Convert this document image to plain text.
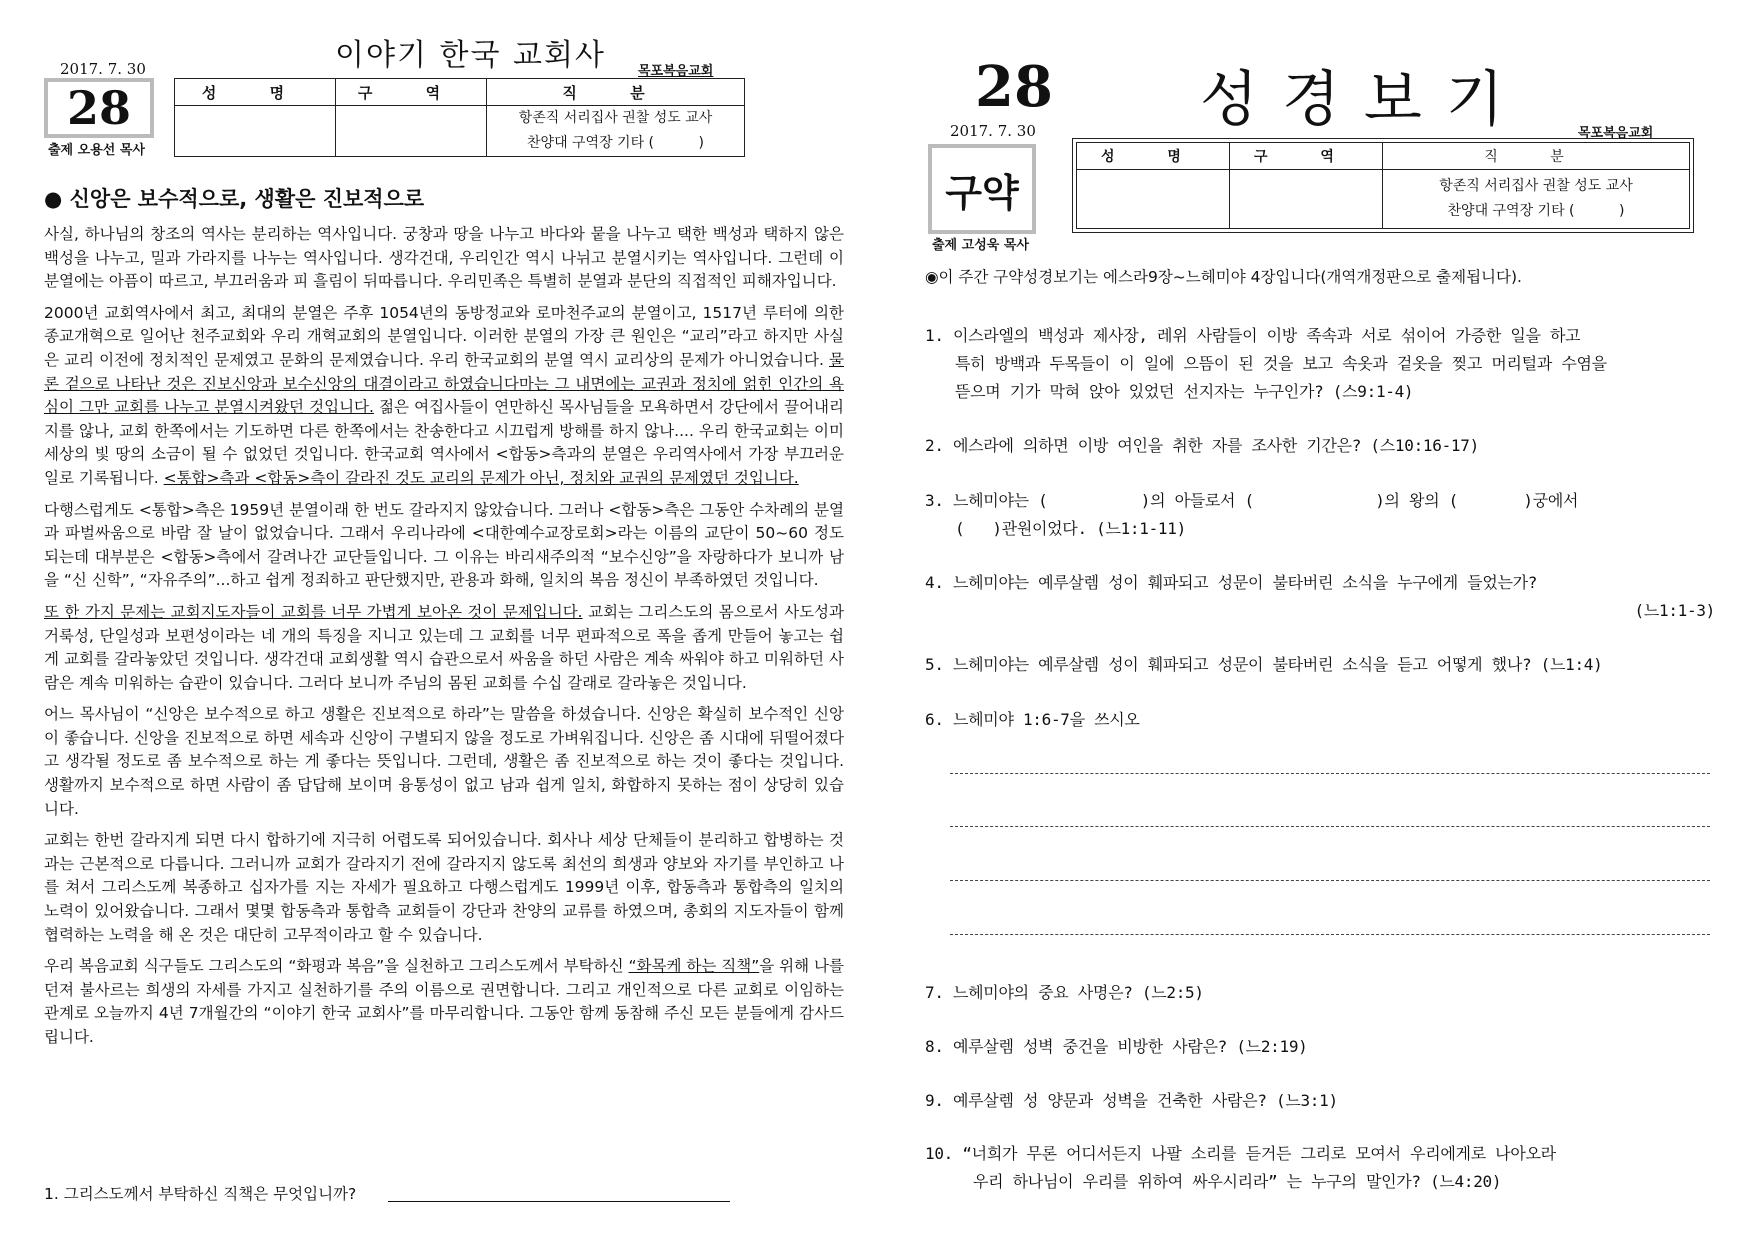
이야기 한국 교회사
2017. 7. 30
28
출제 오용선 목사
목포복음교회
성 명	구 역	직 분

		항존직 서리집사 권찰 성도 교사
찬양대 구역장 기타 (          )
● 신앙은 보수적으로, 생활은 진보적으로

사실, 하나님의 창조의 역사는 분리하는 역사입니다. 궁창과 땅을 나누고 바다와 뭍을 나누고 택한 백성과 택하지 않은 백성을 나누고, 밀과 가라지를 나누는 역사입니다. 생각건대, 우리인간 역시 나뉘고 분열시키는 역사입니다. 그런데 이 분열에는 아픔이 따르고, 부끄러움과 피 흘림이 뒤따릅니다. 우리민족은 특별히 분열과 분단의 직접적인 피해자입니다.

2000년 교회역사에서 최고, 최대의 분열은 주후 1054년의 동방정교와 로마천주교의 분열이고, 1517년 루터에 의한 종교개혁으로 일어난 천주교회와 우리 개혁교회의 분열입니다. 이러한 분열의 가장 큰 원인은 “교리”라고 하지만 사실은 교리 이전에 정치적인 문제였고 문화의 문제였습니다. 우리 한국교회의 분열 역시 교리상의 문제가 아니었습니다. 물론 겉으로 나타난 것은 진보신앙과 보수신앙의 대결이라고 하였습니다마는 그 내면에는 교권과 정치에 얽힌 인간의 욕심이 그만 교회를 나누고 분열시켜왔던 것입니다. 젊은 여집사들이 연만하신 목사님들을 모욕하면서 강단에서 끌어내리지를 않나, 교회 한쪽에서는 기도하면 다른 한쪽에서는 찬송한다고 시끄럽게 방해를 하지 않나.... 우리 한국교회는 이미 세상의 빛 땅의 소금이 될 수 없었던 것입니다. 한국교회 역사에서 <합동>측과의 분열은 우리역사에서 가장 부끄러운 일로 기록됩니다. <통합>측과 <합동>측이 갈라진 것도 교리의 문제가 아닌, 정치와 교권의 문제였던 것입니다.

다행스럽게도 <통합>측은 1959년 분열이래 한 번도 갈라지지 않았습니다. 그러나 <합동>측은 그동안 수차례의 분열과 파벌싸움으로 바람 잘 날이 없었습니다. 그래서 우리나라에 <대한예수교장로회>라는 이름의 교단이 50~60 정도 되는데 대부분은 <합동>측에서 갈려나간 교단들입니다. 그 이유는 바리새주의적 “보수신앙”을 자랑하다가 보니까 남을 “신 신학”, “자유주의”...하고 쉽게 정죄하고 판단했지만, 관용과 화해, 일치의 복음 정신이 부족하였던 것입니다.

또 한 가지 문제는 교회지도자들이 교회를 너무 가볍게 보아온 것이 문제입니다. 교회는 그리스도의 몸으로서 사도성과 거룩성, 단일성과 보편성이라는 네 개의 특징을 지니고 있는데 그 교회를 너무 편파적으로 폭을 좁게 만들어 놓고는 쉽게 교회를 갈라놓았던 것입니다. 생각건대 교회생활 역시 습관으로서 싸움을 하던 사람은 계속 싸워야 하고 미워하던 사람은 계속 미워하는 습관이 있습니다. 그러다 보니까 주님의 몸된 교회를 수십 갈래로 갈라놓은 것입니다.

어느 목사님이 “신앙은 보수적으로 하고 생활은 진보적으로 하라”는 말씀을 하셨습니다. 신앙은 확실히 보수적인 신앙이 좋습니다. 신앙을 진보적으로 하면 세속과 신앙이 구별되지 않을 정도로 가벼워집니다. 신앙은 좀 시대에 뒤떨어졌다고 생각될 정도로 좀 보수적으로 하는 게 좋다는 뜻입니다. 그런데, 생활은 좀 진보적으로 하는 것이 좋다는 것입니다. 생활까지 보수적으로 하면 사람이 좀 답답해 보이며 융통성이 없고 남과 쉽게 일치, 화합하지 못하는 점이 상당히 있습니다.

교회는 한번 갈라지게 되면 다시 합하기에 지극히 어렵도록 되어있습니다. 회사나 세상 단체들이 분리하고 합병하는 것과는 근본적으로 다릅니다. 그러니까 교회가 갈라지기 전에 갈라지지 않도록 최선의 희생과 양보와 자기를 부인하고 나를 쳐서 그리스도께 복종하고 십자가를 지는 자세가 필요하고 다행스럽게도 1999년 이후, 합동측과 통합측의 일치의 노력이 있어왔습니다. 그래서 몇몇 합동측과 통합측 교회들이 강단과 찬양의 교류를 하였으며, 총회의 지도자들이 함께 협력하는 노력을 해 온 것은 대단히 고무적이라고 할 수 있습니다.

우리 복음교회 식구들도 그리스도의 “화평과 복음”을 실천하고 그리스도께서 부탁하신 “화목케 하는 직책”을 위해 나를 던져 불사르는 희생의 자세를 가지고 실천하기를 주의 이름으로 권면합니다. 그리고 개인적으로 다른 교회로 이임하는 관계로 오늘까지 4년 7개월간의 “이야기 한국 교회사”를 마무리합니다. 그동안 함께 동참해 주신 모든 분들에게 감사드립니다.

1. 그리스도께서 부탁하신 직책은 무엇입니까?
28 성경보기
2017. 7. 30	목포복음교회
구약
출제 고성욱 목사
성 명	구 역	직 분

		항존직 서리집사 권찰 성도 교사
찬양대 구역장 기타 (          )
◉이 주간 구약성경보기는 에스라9장~느헤미야 4장입니다(개역개정판으로 출제됩니다).
1. 이스라엘의 백성과 제사장, 레위 사람들이 이방 족속과 서로 섞이어 가증한 일을 하고
특히 방백과 두목들이 이 일에 으뜸이 된 것을 보고 속옷과 겉옷을 찢고 머리털과 수염을
뜯으며 기가 막혀 앉아 있었던 선지자는 누구인가? (스9:1-4)
2. 에스라에 의하면 이방 여인을 취한 자를 조사한 기간은? (스10:16-17)
3. 느헤미야는 (          )의 아들로서 (             )의 왕의 (       )궁에서
(   )관원이었다. (느1:1-11)
4. 느헤미야는 예루살렘 성이 훼파되고 성문이 불타버린 소식을 누구에게 들었는가?
(느1:1-3)
5. 느헤미야는 예루살렘 성이 훼파되고 성문이 불타버린 소식을 듣고 어떻게 했나? (느1:4)
6. 느헤미야 1:6-7을 쓰시오
7. 느헤미야의 중요 사명은? (느2:5)
8. 예루살렘 성벽 중건을 비방한 사람은? (느2:19)
9. 예루살렘 성 양문과 성벽을 건축한 사람은? (느3:1)
10. “너희가 무론 어디서든지 나팔 소리를 듣거든 그리로 모여서 우리에게로 나아오라
우리 하나님이 우리를 위하여 싸우시리라” 는 누구의 말인가? (느4:20)
